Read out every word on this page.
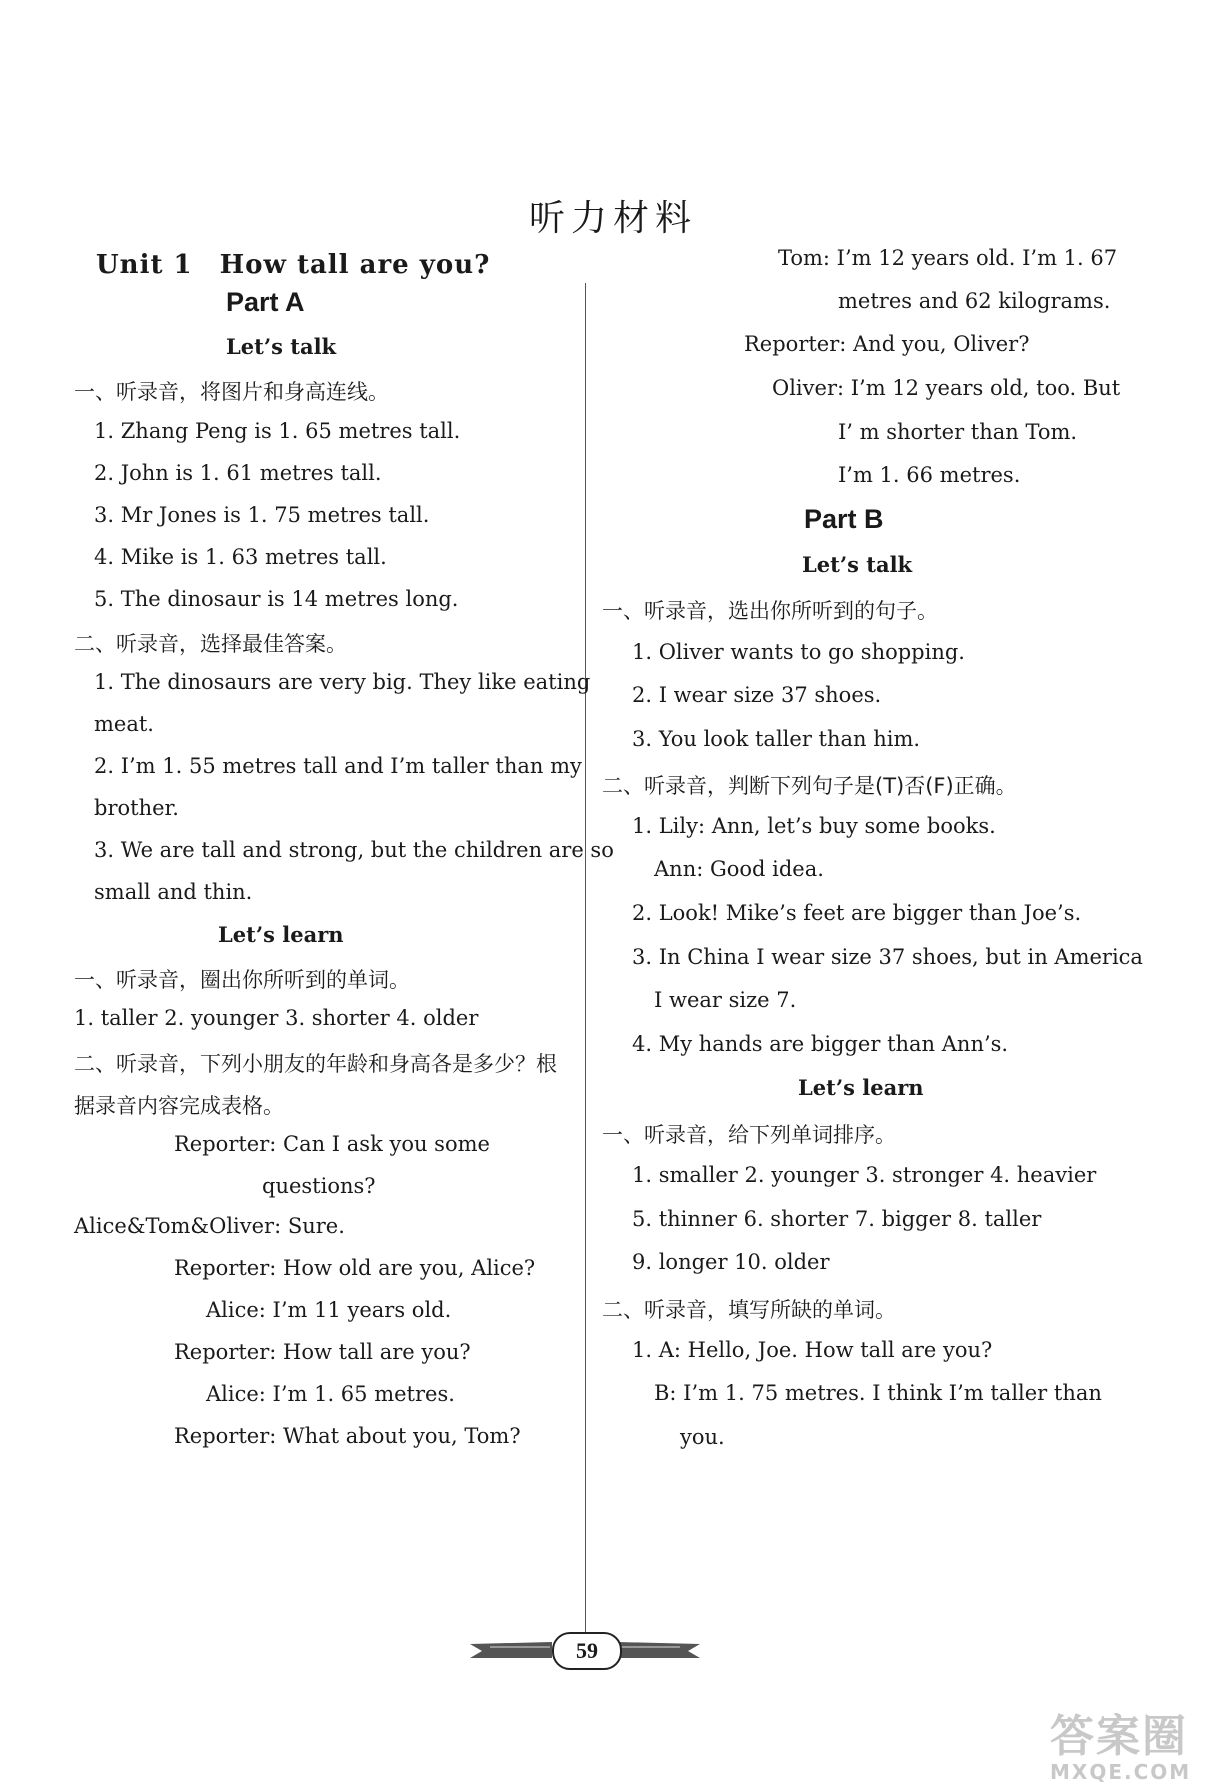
听力材料
Unit 1　How tall are you?
Part A
Let’s talk
一、听录音，将图片和身高连线。
1. Zhang Peng is 1. 65 metres tall.
2. John is 1. 61 metres tall.
3. Mr Jones is 1. 75 metres tall.
4. Mike is 1. 63 metres tall.
5. The dinosaur is 14 metres long.
二、听录音，选择最佳答案。
1. The dinosaurs are very big. They like eating
meat.
2. I’m 1. 55 metres tall and I’m taller than my
brother.
3. We are tall and strong, but the children are so
small and thin.
Let’s learn
一、听录音，圈出你所听到的单词。
1. taller 2. younger 3. shorter 4. older
二、听录音，下列小朋友的年龄和身高各是多少？根
据录音内容完成表格。
Reporter: Can I ask you some
questions?
Alice&Tom&Oliver: Sure.
Reporter: How old are you, Alice?
Alice: I’m 11 years old.
Reporter: How tall are you?
Alice: I’m 1. 65 metres.
Reporter: What about you, Tom?
Tom: I’m 12 years old. I’m 1. 67
metres and 62 kilograms.
Reporter: And you, Oliver?
Oliver: I’m 12 years old, too. But
I’ m shorter than Tom.
I’m 1. 66 metres.
Part B
Let’s talk
一、听录音，选出你所听到的句子。
1. Oliver wants to go shopping.
2. I wear size 37 shoes.
3. You look taller than him.
二、听录音，判断下列句子是(T)否(F)正确。
1. Lily: Ann, let’s buy some books.
Ann: Good idea.
2. Look! Mike’s feet are bigger than Joe’s.
3. In China I wear size 37 shoes, but in America
I wear size 7.
4. My hands are bigger than Ann’s.
Let’s learn
一、听录音，给下列单词排序。
1. smaller 2. younger 3. stronger 4. heavier
5. thinner 6. shorter 7. bigger 8. taller
9. longer 10. older
二、听录音，填写所缺的单词。
1. A: Hello, Joe. How tall are you?
B: I’m 1. 75 metres. I think I’m taller than
you.
59
答案圈
MXQE.COM
